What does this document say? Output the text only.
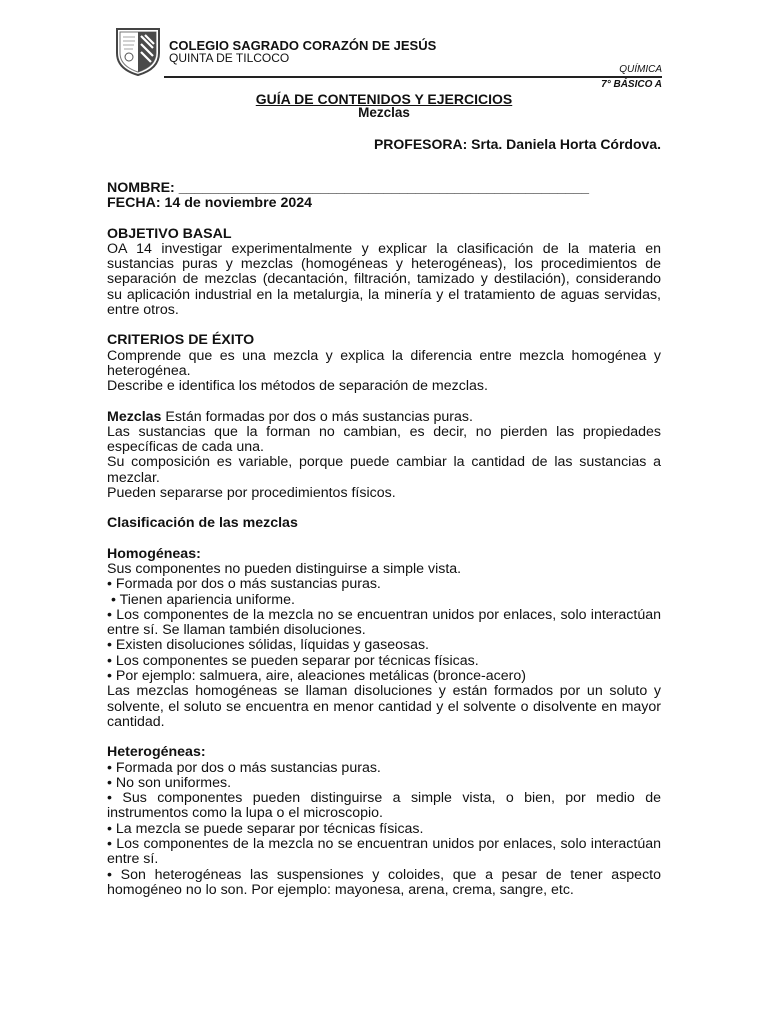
COLEGIO SAGRADO CORAZÓN DE JESÚS
QUINTA DE TILCOCO
QUÍMICA
7° BÁSICO A
GUÍA DE CONTENIDOS Y EJERCICIOS
Mezclas
PROFESORA: Srta. Daniela Horta Córdova.

NOMBRE: ____________________________________________________

FECHA: 14 de noviembre 2024

OBJETIVO BASAL

OA 14 investigar experimentalmente y explicar la clasificación de la materia en sustancias puras y mezclas (homogéneas y heterogéneas), los procedimientos de separación de mezclas (decantación, filtración, tamizado y destilación), considerando su aplicación industrial en la metalurgia, la minería y el tratamiento de aguas servidas, entre otros.

CRITERIOS DE ÉXITO

Comprende que es una mezcla y explica la diferencia entre mezcla homogénea y heterogénea.

Describe e identifica los métodos de separación de mezclas.

Mezclas Están formadas por dos o más sustancias puras.

Las sustancias que la forman no cambian, es decir, no pierden las propiedades específicas de cada una.

Su composición es variable, porque puede cambiar la cantidad de las sustancias a mezclar.

Pueden separarse por procedimientos físicos.

Clasificación de las mezclas

Homogéneas:

Sus componentes no pueden distinguirse a simple vista.

• Formada por dos o más sustancias puras.

• Tienen apariencia uniforme.

• Los componentes de la mezcla no se encuentran unidos por enlaces, solo interactúan entre sí. Se llaman también disoluciones.

• Existen disoluciones sólidas, líquidas y gaseosas.

• Los componentes se pueden separar por técnicas físicas.

• Por ejemplo: salmuera, aire, aleaciones metálicas (bronce-acero)

Las mezclas homogéneas se llaman disoluciones y están formados por un soluto y solvente, el soluto se encuentra en menor cantidad y el solvente o disolvente en mayor cantidad.

Heterogéneas:

• Formada por dos o más sustancias puras.

• No son uniformes.

• Sus componentes pueden distinguirse a simple vista, o bien, por medio de instrumentos como la lupa o el microscopio.

• La mezcla se puede separar por técnicas físicas.

• Los componentes de la mezcla no se encuentran unidos por enlaces, solo interactúan entre sí.

• Son heterogéneas las suspensiones y coloides, que a pesar de tener aspecto homogéneo no lo son. Por ejemplo: mayonesa, arena, crema, sangre, etc.
